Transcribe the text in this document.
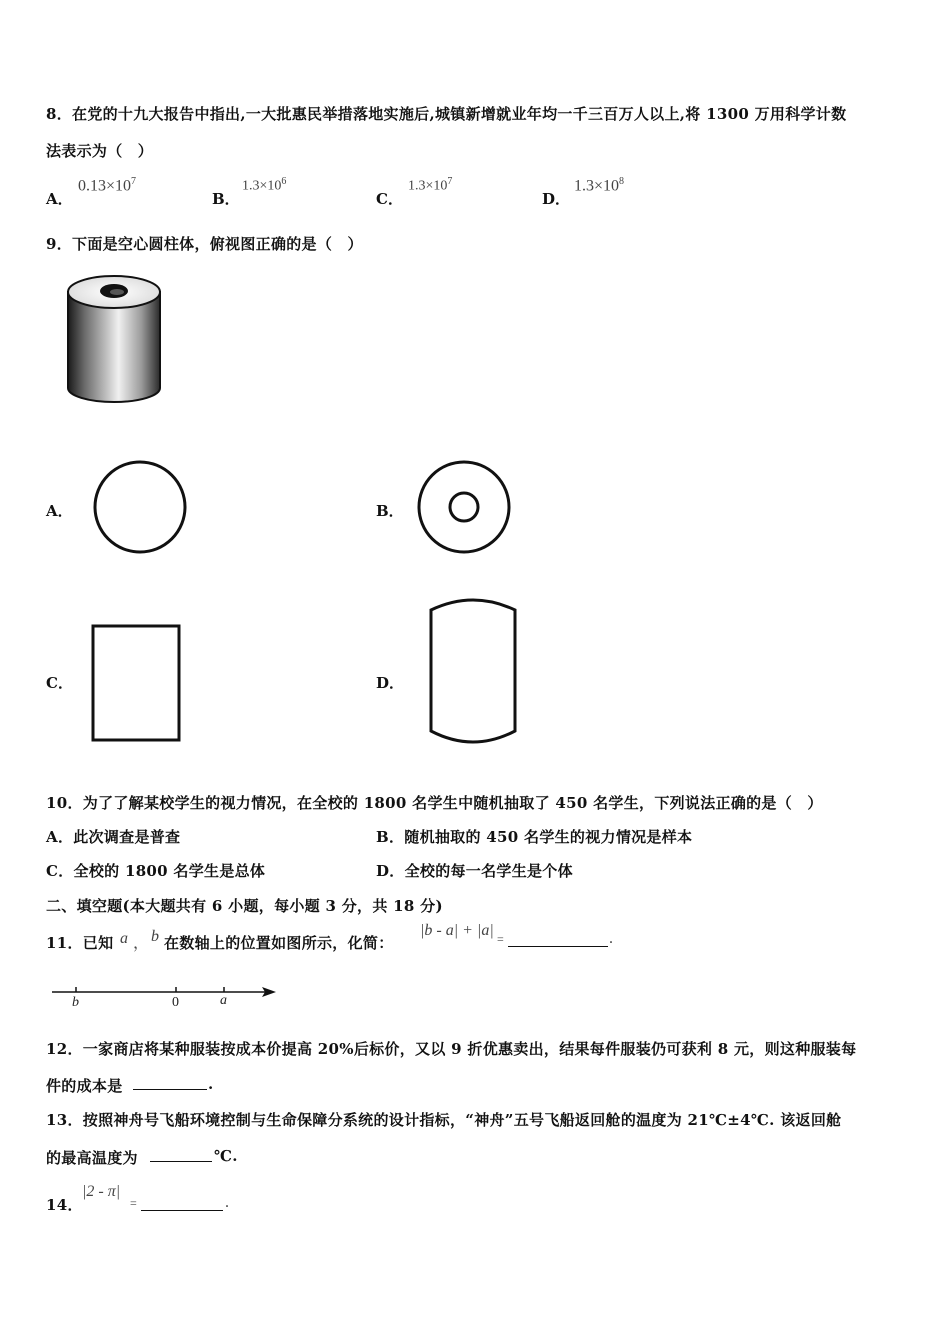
8．在党的十九大报告中指出,一大批惠民举措落地实施后,城镇新增就业年均一千三百万人以上,将 1300 万用科学计数
法表示为（　）
A．
$0.13\times 10^7$
B．
$1.3\times 10^6$
C．
$1.3\times 10^7$
D．
$1.3\times 10^8$
9．下面是空心圆柱体，俯视图正确的是（　）
A．	B．
C．	D．
10．为了了解某校学生的视力情况，在全校的 1800 名学生中随机抽取了 450 名学生，下列说法正确的是（　）
A．此次调查是普查	B．随机抽取的 450 名学生的视力情况是样本
C．全校的 1800 名学生是总体	D．全校的每一名学生是个体
二、填空题(本大题共有 6 小题，每小题 3 分，共 18 分)
11．已知 a ， b 在数轴上的位置如图所示，化简：
|b - a| + |a| =	.
b	0	a
12．一家商店将某种服装按成本价提高 20%后标价，又以 9 折优惠卖出，结果每件服装仍可获利 8 元，则这种服装每
件的成本是	.
13．按照神舟号飞船环境控制与生命保障分系统的设计指标，“神舟”五号飞船返回舱的温度为 21℃±4℃. 该返回舱
的最高温度为	℃.
14．
|2 - π|
=	.
